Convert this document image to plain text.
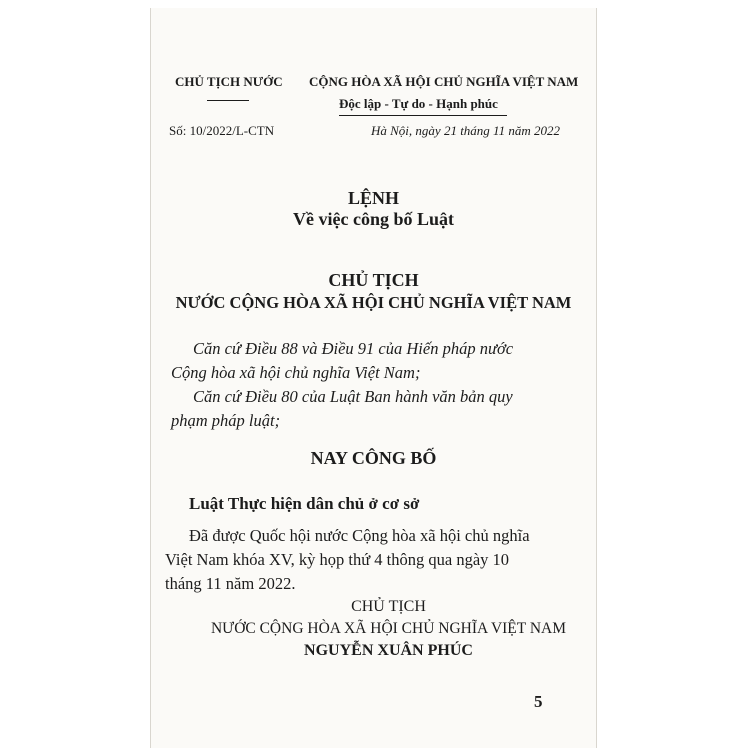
CHỦ TỊCH NƯỚC
Số: 10/2022/L-CTN
CỘNG HÒA XÃ HỘI CHỦ NGHĨA VIỆT NAM
Độc lập - Tự do - Hạnh phúc
Hà Nội, ngày 21 tháng 11 năm 2022
LỆNH
Về việc công bố Luật
CHỦ TỊCH
NƯỚC CỘNG HÒA XÃ HỘI CHỦ NGHĨA VIỆT NAM
Căn cứ Điều 88 và Điều 91 của Hiến pháp nước
Cộng hòa xã hội chủ nghĩa Việt Nam;
Căn cứ Điều 80 của Luật Ban hành văn bản quy
phạm pháp luật;
NAY CÔNG BỐ
Luật Thực hiện dân chủ ở cơ sở
Đã được Quốc hội nước Cộng hòa xã hội chủ nghĩa
Việt Nam khóa XV, kỳ họp thứ 4 thông qua ngày 10
tháng 11 năm 2022.
CHỦ TỊCH
NƯỚC CỘNG HÒA XÃ HỘI CHỦ NGHĨA VIỆT NAM
NGUYỄN XUÂN PHÚC
5
